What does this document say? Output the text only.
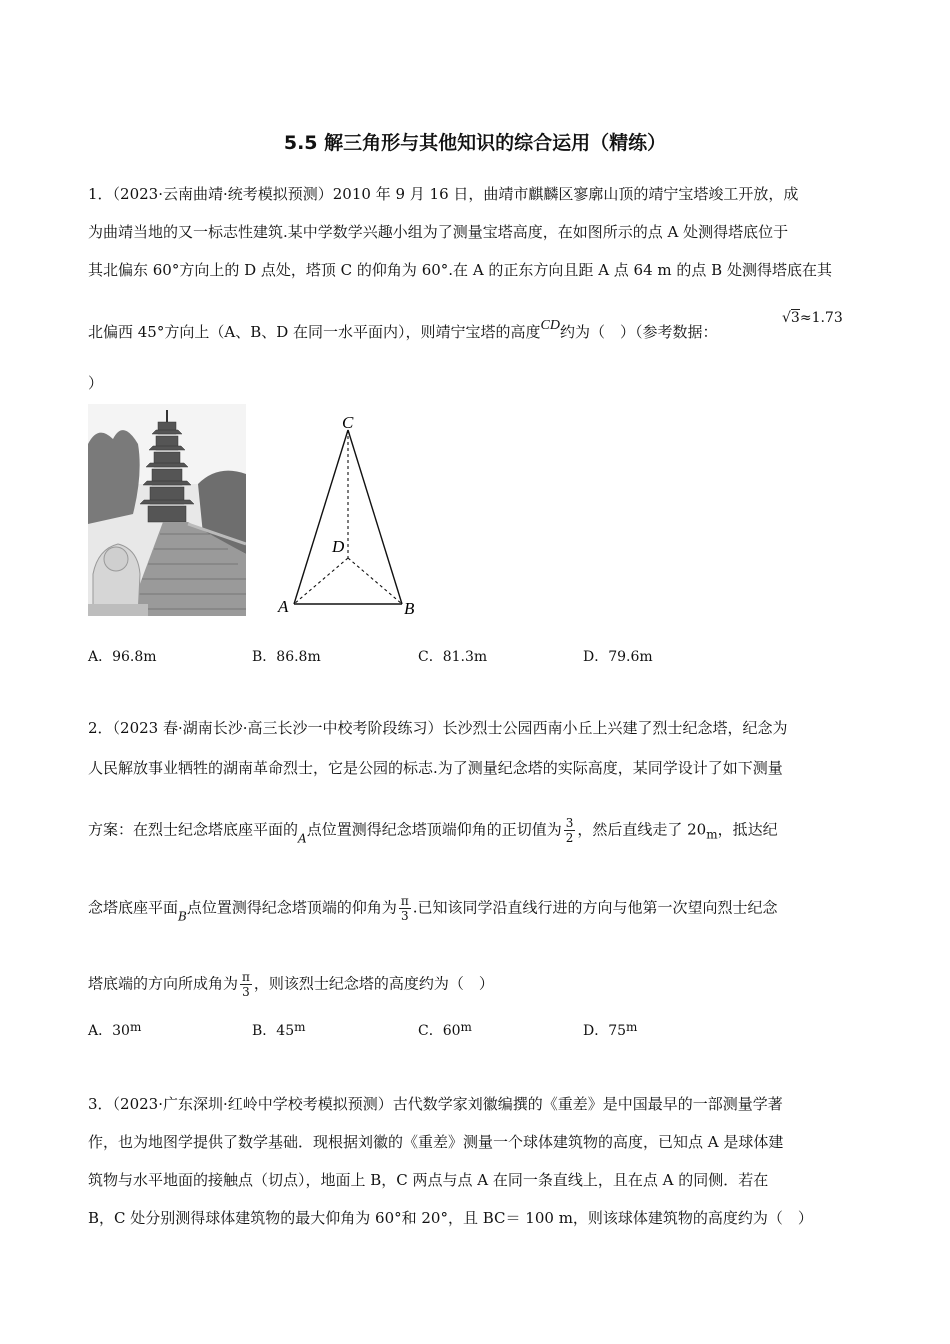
5.5 解三角形与其他知识的综合运用（精练）
1．（2023·云南曲靖·统考模拟预测）2010 年 9 月 16 日，曲靖市麒麟区寥廓山顶的靖宁宝塔竣工开放，成
为曲靖当地的又一标志性建筑.某中学数学兴趣小组为了测量宝塔高度，在如图所示的点 A 处测得塔底位于
其北偏东 60°方向上的 D 点处，塔顶 C 的仰角为 60°.在 A 的正东方向且距 A 点 64 m 的点 B 处测得塔底在其
北偏西 45°方向上（A、B、D 在同一水平面内），则靖宁宝塔的高度CD约为（　）（参考数据：
√3≈1.73
）
C
D
A	B
A．96.8m	B．86.8m	C．81.3m	D．79.6m
2．（2023 春·湖南长沙·高三长沙一中校考阶段练习）长沙烈士公园西南小丘上兴建了烈士纪念塔，纪念为
人民解放事业牺牲的湖南革命烈士，它是公园的标志.为了测量纪念塔的实际高度，某同学设计了如下测量
方案：在烈士纪念塔底座平面的$_A$点位置测得纪念塔顶端仰角的正切值为 $\frac{3}{2}$ ，然后直线走了 $20_m$，抵达纪
念塔底座平面$_B$点位置测得纪念塔顶端的仰角为 $\frac{\pi}{3}$ .已知该同学沿直线行进的方向与他第一次望向烈士纪念
塔底端的方向所成角为 $\frac{\pi}{3}$ ，则该烈士纪念塔的高度约为（　）
A．30m	B．45m	C．60m	D．75m
3．（2023·广东深圳·红岭中学校考模拟预测）古代数学家刘徽编撰的《重差》是中国最早的一部测量学著
作，也为地图学提供了数学基础．现根据刘徽的《重差》测量一个球体建筑物的高度，已知点 A 是球体建
筑物与水平地面的接触点（切点），地面上 B，C 两点与点 A 在同一条直线上，且在点 A 的同侧．若在
B，C 处分别测得球体建筑物的最大仰角为 60°和 20°，且 BC＝ 100 m，则该球体建筑物的高度约为（　）
